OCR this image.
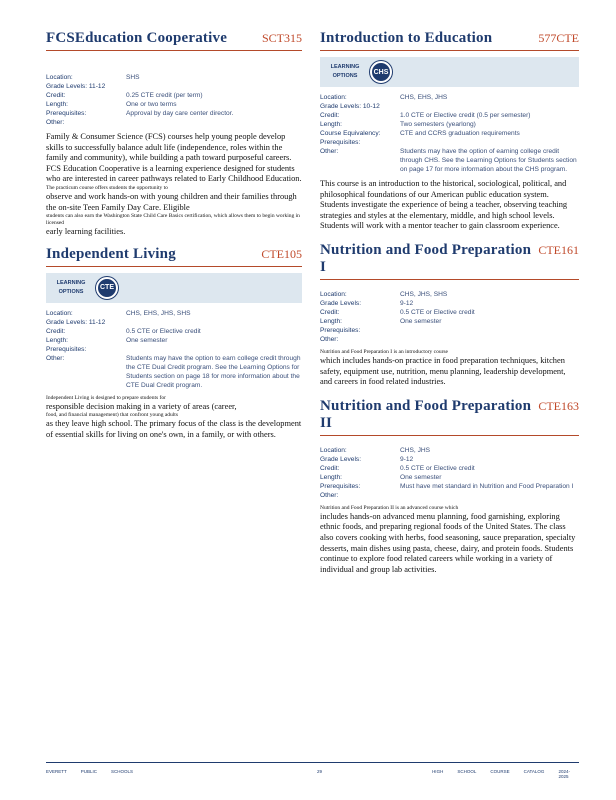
FCSEducation Cooperative	SCT315
Location:	SHS
Grade Levels: 11-12
Credit:	0.25 CTE credit (per term)
Length:	One or two terms
Prerequisites:	Approval by day care center director.
Other:
Family & Consumer Science (FCS) courses help young people develop skills to successfully balance adult life (independence, roles within the family and community), while building a path toward purposeful careers. FCS Education Cooperative is a learning experience designed for students who are interested in career pathways related to Early Childhood Education.
The practicum course offers students the opportunity to
observe and work hands-on with young children and their families through the on-site Teen Family Day Care. Eligible
students can also earn the Washington State Child Care Basics certification, which allows them to begin working in licensed
early learning facilities.
Independent Living	CTE105
LEARNING OPTIONS
CTE
Location:	CHS, EHS, JHS, SHS
Grade Levels: 11-12
Credit:	0.5 CTE or Elective credit
Length:	One semester
Prerequisites:
Other:	Students may have the option to earn college credit through the CTE Dual Credit program. See the Learning Options for Students section on page 18 for more information about the CTE Dual Credit program.
Independent Living is designed to prepare students for
responsible decision making in a variety of areas (career,
food, and financial management) that confront young adults
as they leave high school. The primary focus of the class is the development of essential skills for living on one's own, in a family, or with others.
Introduction to Education	577CTE
LEARNING OPTIONS
CHS
Location:	CHS, EHS, JHS
Grade Levels: 10-12
Credit:	1.0 CTE or Elective credit (0.5 per semester)
Length:	Two semesters (yearlong)
Course Equivalency:	CTE and CCRS graduation requirements
Prerequisites:
Other:	Students may have the option of earning college credit through CHS. See the Learning Options for Students section on page 17 for more information about the CHS program.
This course is an introduction to the historical, sociological, political, and philosophical foundations of our American public education system. Students investigate the experience of being a teacher, observing teaching strategies and styles at the elementary, middle, and high school levels. Students will work with a mentor teacher to gain classroom experience.
Nutrition and Food Preparation I
CTE161
Location:	CHS, JHS, SHS
Grade Levels:	9-12
Credit:	0.5 CTE or Elective credit
Length:	One semester
Prerequisites:
Other:
Nutrition and Food Preparation I is an introductory course
which includes hands-on practice in food preparation techniques, kitchen safety, equipment use, nutrition, menu planning, leadership development, and careers in food related industries.
Nutrition and Food Preparation II
CTE163
Location:	CHS, JHS
Grade Levels:	9-12
Credit:	0.5 CTE or Elective credit
Length:	One semester
Prerequisites:	Must have met standard in Nutrition and Food Preparation I
Other:
Nutrition and Food Preparation II is an advanced course which
includes hands-on advanced menu planning, food garnishing, exploring ethnic foods, and preparing regional foods of the United States. The class also covers cooking with herbs, food seasoning, sauce preparation, specialty desserts, main dishes using pasta, cheese, dairy, and protein foods. Students continue to explore food related careers while working in a variety of individual and group lab activities.
EVERETT	PUBLIC	SCHOOLS	29	HIGH	SCHOOL	COURSE	CATALOG	2024-2025
